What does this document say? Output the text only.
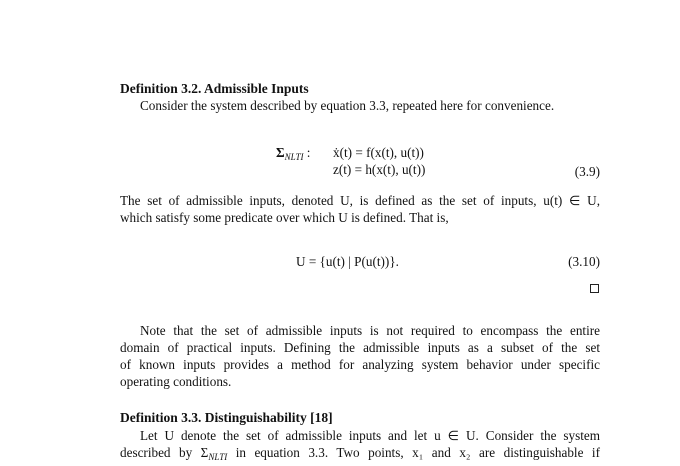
Definition 3.2. Admissible Inputs
Consider the system described by equation 3.3, repeated here for convenience.
$\Sigma_{NLTI}$ : ẋ(t) = f(x(t), u(t))
z(t) = h(x(t), u(t))	(3.9)
The set of admissible inputs, denoted U, is defined as the set of inputs, u(t) ∈ U,
which satisfy some predicate over which U is defined. That is,
U = {u(t) | P(u(t))}.	(3.10)
Note that the set of admissible inputs is not required to encompass the entire
domain of practical inputs. Defining the admissible inputs as a subset of the set
of known inputs provides a method for analyzing system behavior under specific
operating conditions.
Definition 3.3. Distinguishability [18]
Let U denote the set of admissible inputs and let u ∈ U. Consider the system
described by $\Sigma_{NLTI}$ in equation 3.3. Two points, x₁ and x₂ are distinguishable if
